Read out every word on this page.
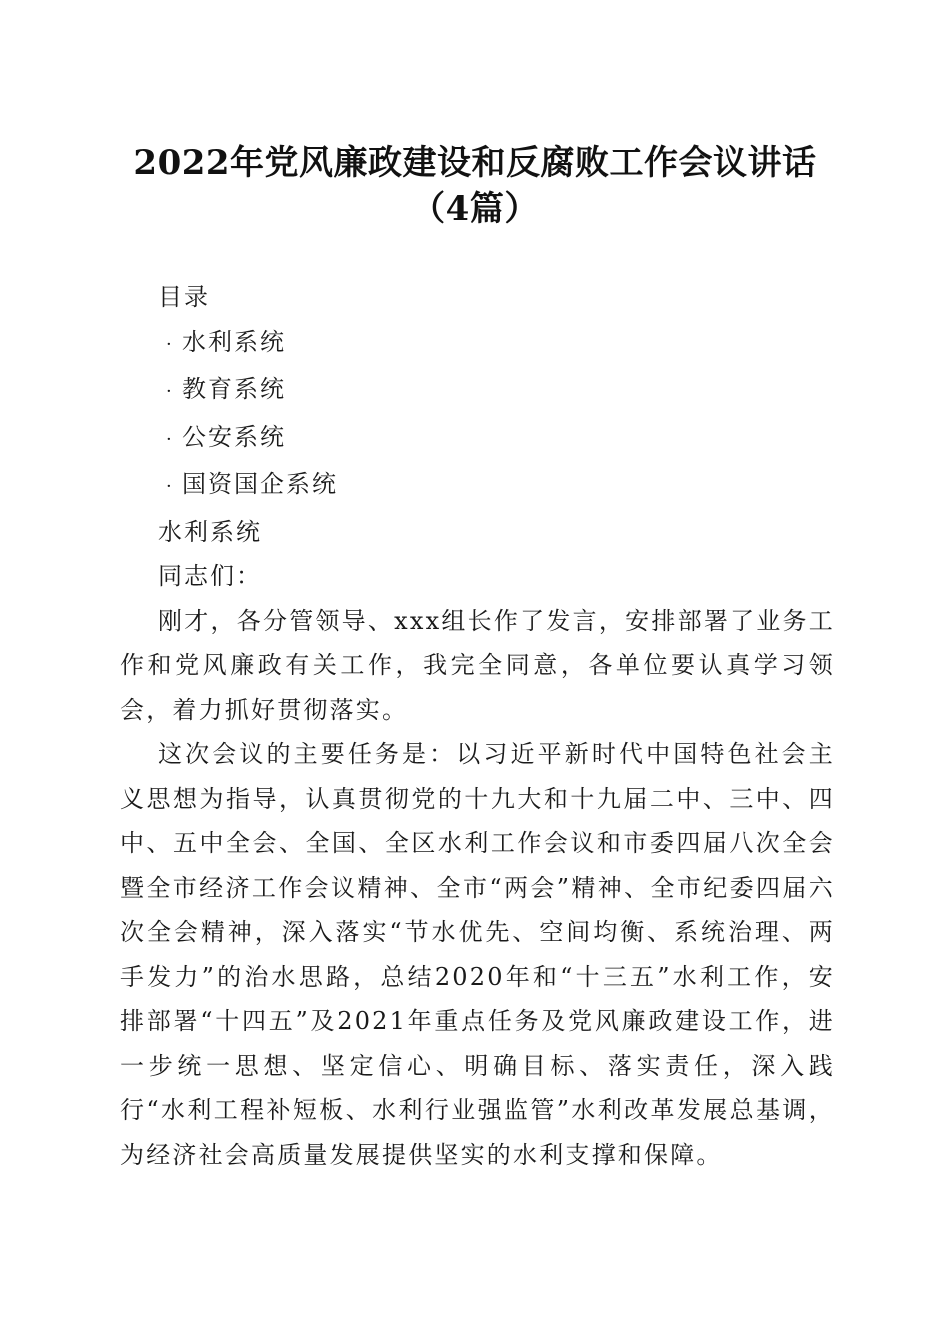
2022年党风廉政建设和反腐败工作会议讲话
（4篇）
目录
· 水利系统
· 教育系统
· 公安系统
· 国资国企系统
水利系统
同志们：
刚才，各分管领导、xxx组长作了发言，安排部署了业务工作和党风廉政有关工作，我完全同意，各单位要认真学习领会，着力抓好贯彻落实。
这次会议的主要任务是：以习近平新时代中国特色社会主义思想为指导，认真贯彻党的十九大和十九届二中、三中、四中、五中全会、全国、全区水利工作会议和市委四届八次全会暨全市经济工作会议精神、全市“两会”精神、全市纪委四届六次全会精神，深入落实“节水优先、空间均衡、系统治理、两手发力”的治水思路，总结2020年和“十三五”水利工作，安排部署“十四五”及2021年重点任务及党风廉政建设工作，进一步统一思想、坚定信心、明确目标、落实责任，深入践行“水利工程补短板、水利行业强监管”水利改革发展总基调，为经济社会高质量发展提供坚实的水利支撑和保障。
